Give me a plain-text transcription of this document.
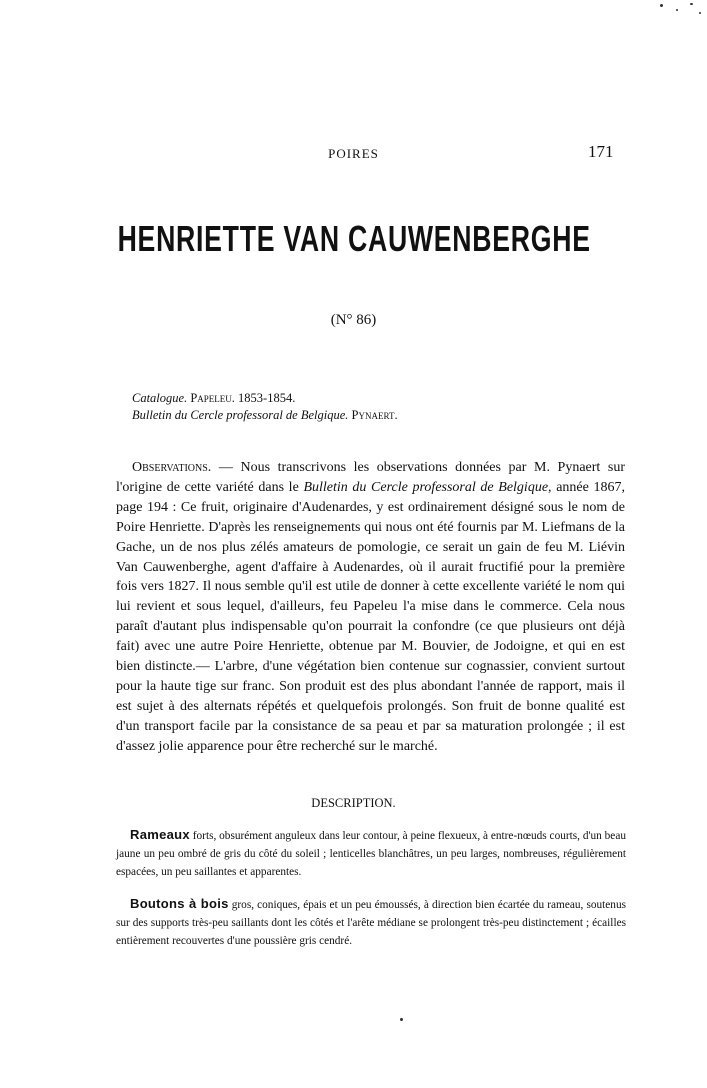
POIRES	171
HENRIETTE VAN CAUWENBERGHE
(N° 86)
Catalogue. Papeleu. 1853-1854.
Bulletin du Cercle professoral de Belgique. Pynaert.

Observations. — Nous transcrivons les observations données par M. Pynaert sur l'origine de cette variété dans le Bulletin du Cercle professoral de Belgique, année 1867, page 194 : Ce fruit, originaire d'Audenardes, y est ordinairement désigné sous le nom de Poire Henriette. D'après les renseignements qui nous ont été fournis par M. Liefmans de la Gache, un de nos plus zélés amateurs de pomologie, ce serait un gain de feu M. Liévin Van Cauwenberghe, agent d'affaire à Audenardes, où il aurait fructifié pour la première fois vers 1827. Il nous semble qu'il est utile de donner à cette excellente variété le nom qui lui revient et sous lequel, d'ailleurs, feu Papeleu l'a mise dans le commerce. Cela nous paraît d'autant plus indispensable qu'on pourrait la confondre (ce que plusieurs ont déjà fait) avec une autre Poire Henriette, obtenue par M. Bouvier, de Jodoigne, et qui en est bien distincte.— L'arbre, d'une végétation bien contenue sur cognassier, convient surtout pour la haute tige sur franc. Son produit est des plus abondant l'année de rapport, mais il est sujet à des alternats répétés et quelquefois prolongés. Son fruit de bonne qualité est d'un transport facile par la consistance de sa peau et par sa maturation prolongée ; il est d'assez jolie apparence pour être recherché sur le marché.

DESCRIPTION.

Rameaux forts, obsurément anguleux dans leur contour, à peine flexueux, à entre-nœuds courts, d'un beau jaune un peu ombré de gris du côté du soleil ; lenticelles blanchâtres, un peu larges, nombreuses, régulièrement espacées, un peu saillantes et apparentes.

Boutons à bois gros, coniques, épais et un peu émoussés, à direction bien écartée du rameau, soutenus sur des supports très-peu saillants dont les côtés et l'arête médiane se prolongent très-peu distinctement ; écailles entièrement recouvertes d'une poussière gris cendré.
